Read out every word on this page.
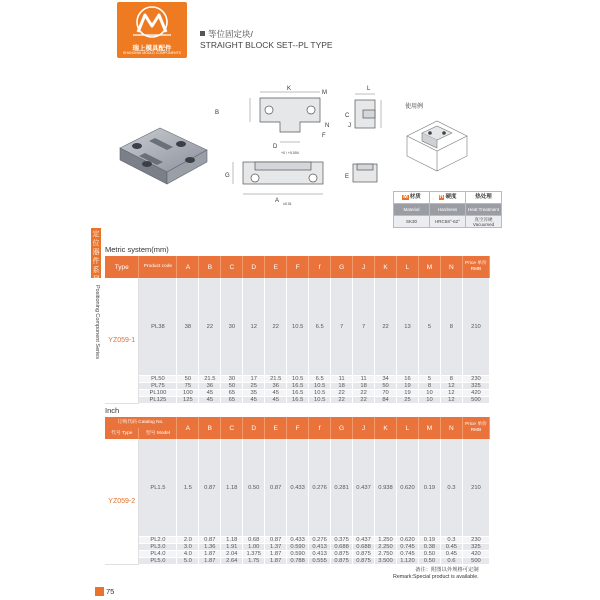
瑞上模具配件
SHANGHAI MOULD COMPONENTS
等位固定块/
STRAIGHT BLOCK SET--PL TYPE
K
M
L
B
F
D
+0 / +0.004
N	J
C
G	E
A ±0.01
使用例
M 材质	H 硬度	热处理
Material	Hardness	Heat Treatment
SK30	HRC58°-62°	真空淬硬 Vacuumed
定
位
器
件
系
列
Positioning Component Series
Metric system(mm)
Type	Product code	A	B	C	D	E	F	f	G	J	K	L	M	N	Price 单价
RMB

YZ059-1	PL38	38	22	30	12	22	10.5	6.5	7	7	22	13	5	8	210
	PL50	50	21.5	30	17	21.5	10.5	6.5	11	11	34	16	5	8	230
	PL75	75	36	50	25	36	16.5	10.5	18	18	50	19	8	12	325
	PL100	100	45	65	35	45	16.5	10.5	22	22	70	19	10	12	420
	PL125	125	45	65	45	45	16.5	10.5	22	22	84	25	10	12	500
Inch
订购代码 Catalog No.		A	B	C	D	E	F	f	G	J	K	L	M	N	Price 单价
RMB

代号 Type	型号 Model														
YZ059-2	PL1.5	1.5	0.87	1.18	0.50	0.87	0.433	0.276	0.281	0.437	0.938	0.620	0.19	0.3	210
	PL2.0	2.0	0.87	1.18	0.68	0.87	0.433	0.276	0.375	0.437	1.250	0.620	0.19	0.3	230
	PL3.0	3.0	1.36	1.91	1.00	1.37	0.590	0.413	0.688	0.688	2.250	0.745	0.38	0.45	325
	PL4.0	4.0	1.87	2.04	1.375	1.87	0.590	0.413	0.875	0.875	2.750	0.745	0.50	0.45	420
	PL5.0	5.0	1.87	2.64	1.75	1.87	0.788	0.555	0.875	0.875	3.500	1.120	0.50	0.6	500
备注：附图以外规格可定制
Remark:Special product is available.
75
